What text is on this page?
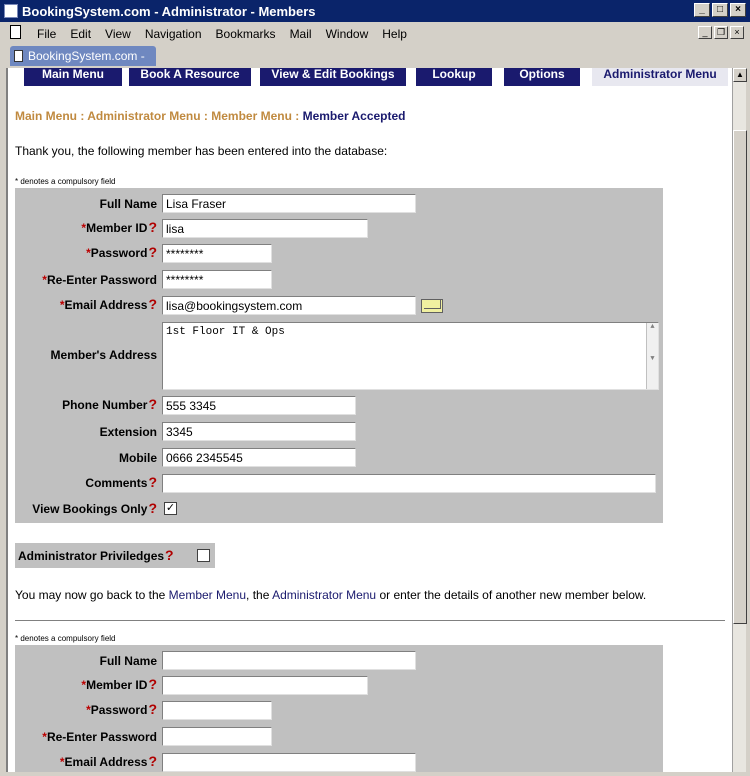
BookingSystem.com - Administrator - Members	_	□	×
File Edit View Navigation Bookmarks Mail Window Help	_	❐	×
BookingSystem.com -
Main Menu	Book A Resource	View & Edit Bookings	Lookup	Options	Administrator Menu
Main Menu : Administrator Menu : Member Menu : Member Accepted
Thank you, the following member has been entered into the database:
* denotes a compulsory field
Full Name Lisa Fraser
*Member ID? lisa
*Password? ********
*Re-Enter Password ********
*Email Address? lisa@bookingsystem.com
Member's Address
1st Floor IT & Ops	▲

▼
Phone Number? 555 3345
Extension 3345
Mobile 0666 2345545
Comments?
View Bookings Only? ✓
Administrator Priviledges?
You may now go back to the Member Menu, the Administrator Menu or enter the details of another new member below.
* denotes a compulsory field
Full Name
*Member ID?
*Password?
*Re-Enter Password
*Email Address?
▲
